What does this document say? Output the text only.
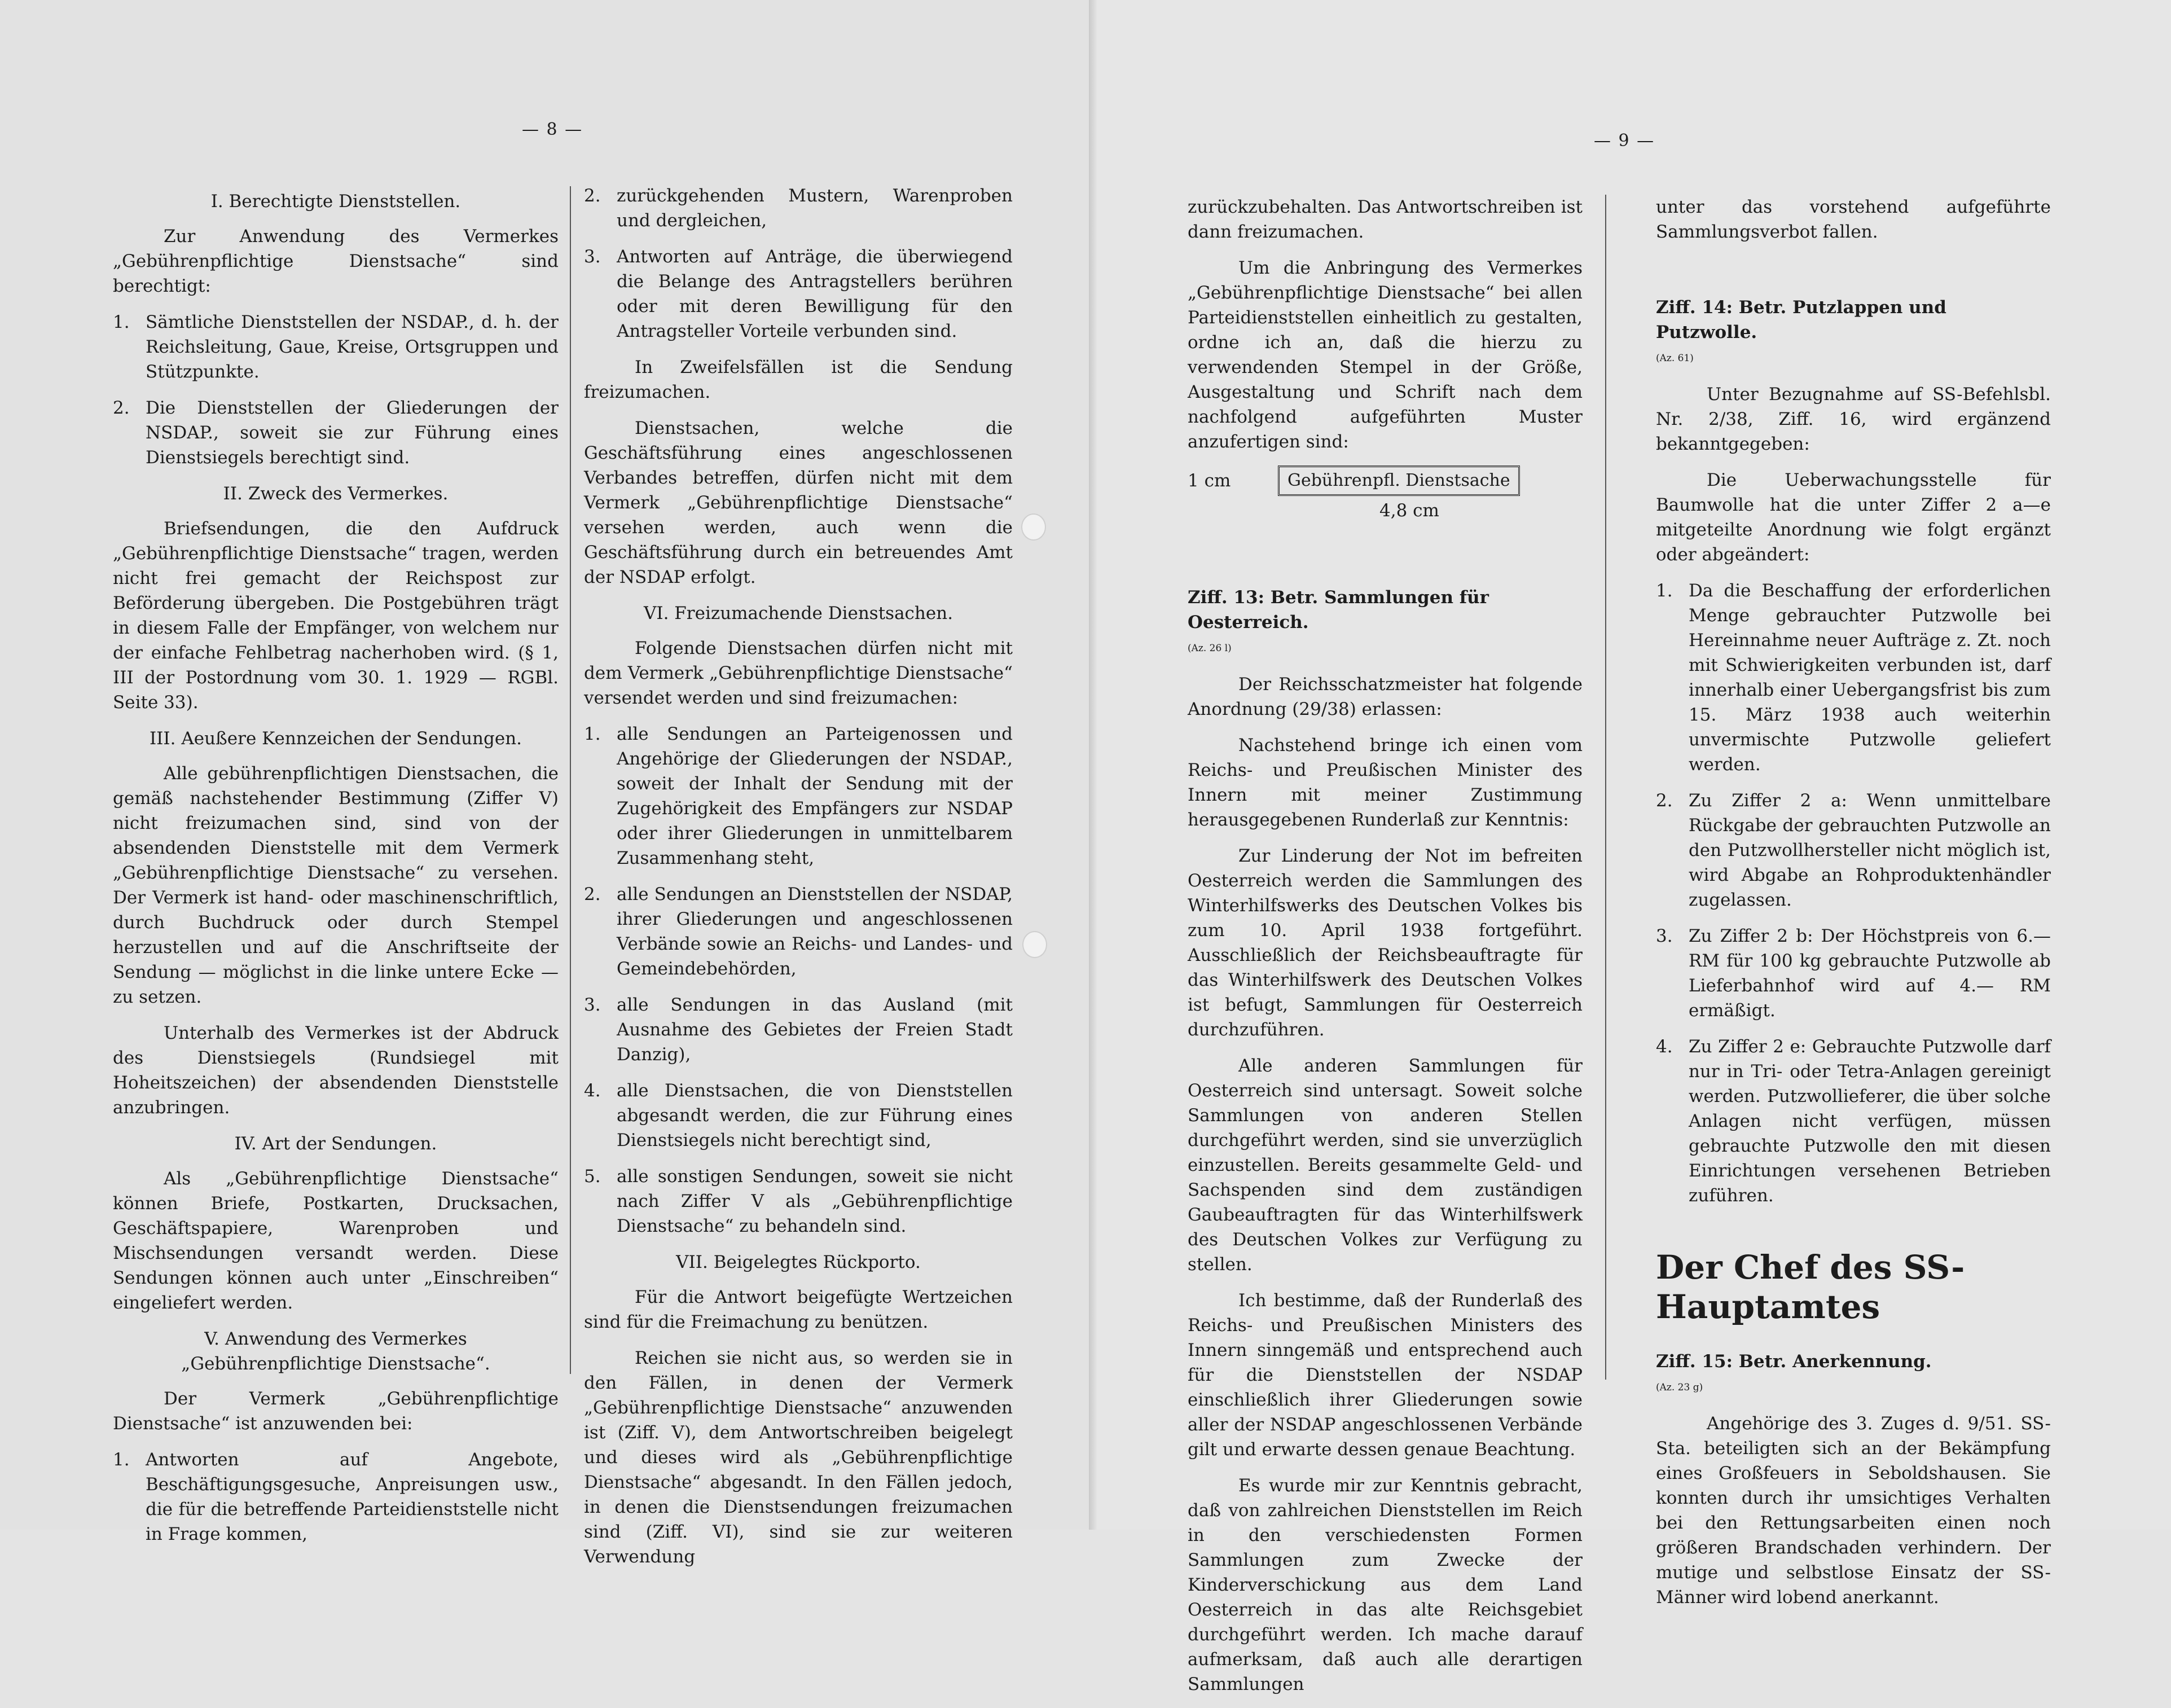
— 8 —
I. Berechtigte Dienststellen.

Zur Anwendung des Vermerkes „Gebührenpflichtige Dienstsache“ sind berechtigt:

1. Sämtliche Dienststellen der NSDAP., d. h. der Reichsleitung, Gaue, Kreise, Ortsgruppen und Stützpunkte.
2. Die Dienststellen der Gliederungen der NSDAP., soweit sie zur Führung eines Dienstsiegels berechtigt sind.
II. Zweck des Vermerkes.

Briefsendungen, die den Aufdruck „Gebührenpflichtige Dienstsache“ tragen, werden nicht frei gemacht der Reichspost zur Beförderung übergeben. Die Postgebühren trägt in diesem Falle der Empfänger, von welchem nur der einfache Fehlbetrag nacherhoben wird. (§ 1, III der Postordnung vom 30. 1. 1929 — RGBl. Seite 33).

III. Aeußere Kennzeichen der Sendungen.

Alle gebührenpflichtigen Dienstsachen, die gemäß nachstehender Bestimmung (Ziffer V) nicht freizumachen sind, sind von der absendenden Dienststelle mit dem Vermerk „Gebührenpflichtige Dienstsache“ zu versehen. Der Vermerk ist hand- oder maschinenschriftlich, durch Buchdruck oder durch Stempel herzustellen und auf die Anschriftseite der Sendung — möglichst in die linke untere Ecke — zu setzen.

Unterhalb des Vermerkes ist der Abdruck des Dienstsiegels (Rundsiegel mit Hoheitszeichen) der absendenden Dienststelle anzubringen.

IV. Art der Sendungen.

Als „Gebührenpflichtige Dienstsache“ können Briefe, Postkarten, Drucksachen, Geschäftspapiere, Warenproben und Mischsendungen versandt werden. Diese Sendungen können auch unter „Einschreiben“ eingeliefert werden.

V. Anwendung des Vermerkes „Gebührenpflichtige Dienstsache“.

Der Vermerk „Gebührenpflichtige Dienstsache“ ist anzuwenden bei:

1. Antworten auf Angebote, Beschäftigungsgesuche, Anpreisungen usw., die für die betreffende Parteidienststelle nicht in Frage kommen,
2. zurückgehenden Mustern, Warenproben und dergleichen,
3. Antworten auf Anträge, die überwiegend die Belange des Antragstellers berühren oder mit deren Bewilligung für den Antragsteller Vorteile verbunden sind.

In Zweifelsfällen ist die Sendung freizumachen.

Dienstsachen, welche die Geschäftsführung eines angeschlossenen Verbandes betreffen, dürfen nicht mit dem Vermerk „Gebührenpflichtige Dienstsache“ versehen werden, auch wenn die Geschäftsführung durch ein betreuendes Amt der NSDAP erfolgt.

VI. Freizumachende Dienstsachen.

Folgende Dienstsachen dürfen nicht mit dem Vermerk „Gebührenpflichtige Dienstsache“ versendet werden und sind freizumachen:

1. alle Sendungen an Parteigenossen und Angehörige der Gliederungen der NSDAP., soweit der Inhalt der Sendung mit der Zugehörigkeit des Empfängers zur NSDAP oder ihrer Gliederungen in unmittelbarem Zusammenhang steht,
2. alle Sendungen an Dienststellen der NSDAP, ihrer Gliederungen und angeschlossenen Verbände sowie an Reichs- und Landes- und Gemeindebehörden,
3. alle Sendungen in das Ausland (mit Ausnahme des Gebietes der Freien Stadt Danzig),
4. alle Dienstsachen, die von Dienststellen abgesandt werden, die zur Führung eines Dienstsiegels nicht berechtigt sind,
5. alle sonstigen Sendungen, soweit sie nicht nach Ziffer V als „Gebührenpflichtige Dienstsache“ zu behandeln sind.
VII. Beigelegtes Rückporto.

Für die Antwort beigefügte Wertzeichen sind für die Freimachung zu benützen.

Reichen sie nicht aus, so werden sie in den Fällen, in denen der Vermerk „Gebührenpflichtige Dienstsache“ anzuwenden ist (Ziff. V), dem Antwortschreiben beigelegt und dieses wird als „Gebührenpflichtige Dienstsache“ abgesandt. In den Fällen jedoch, in denen die Dienstsendungen freizumachen sind (Ziff. VI), sind sie zur weiteren Verwendung

— 9 —

zurückzubehalten. Das Antwortschreiben ist dann freizumachen.

Um die Anbringung des Vermerkes „Gebührenpflichtige Dienstsache“ bei allen Parteidienststellen einheitlich zu gestalten, ordne ich an, daß die hierzu zu verwendenden Stempel in der Größe, Ausgestaltung und Schrift nach dem nachfolgend aufgeführten Muster anzufertigen sind:

1 cm	Gebührenpfl. Dienstsache
4,8 cm
Ziff. 13: Betr. Sammlungen für Oesterreich.
(Az. 26 l)

Der Reichsschatzmeister hat folgende Anordnung (29/38) erlassen:

Nachstehend bringe ich einen vom Reichs- und Preußischen Minister des Innern mit meiner Zustimmung herausgegebenen Runderlaß zur Kenntnis:

Zur Linderung der Not im befreiten Oesterreich werden die Sammlungen des Winterhilfswerks des Deutschen Volkes bis zum 10. April 1938 fortgeführt. Ausschließlich der Reichsbeauftragte für das Winterhilfswerk des Deutschen Volkes ist befugt, Sammlungen für Oesterreich durchzuführen.

Alle anderen Sammlungen für Oesterreich sind untersagt. Soweit solche Sammlungen von anderen Stellen durchgeführt werden, sind sie unverzüglich einzustellen. Bereits gesammelte Geld- und Sachspenden sind dem zuständigen Gaubeauftragten für das Winterhilfswerk des Deutschen Volkes zur Verfügung zu stellen.

Ich bestimme, daß der Runderlaß des Reichs- und Preußischen Ministers des Innern sinngemäß und entsprechend auch für die Dienststellen der NSDAP einschließlich ihrer Gliederungen sowie aller der NSDAP angeschlossenen Verbände gilt und erwarte dessen genaue Beachtung.

Es wurde mir zur Kenntnis gebracht, daß von zahlreichen Dienststellen im Reich in den verschiedensten Formen Sammlungen zum Zwecke der Kinderverschickung aus dem Land Oesterreich in das alte Reichsgebiet durchgeführt werden. Ich mache darauf aufmerksam, daß auch alle derartigen Sammlungen

unter das vorstehend aufgeführte Sammlungsverbot fallen.

Ziff. 14: Betr. Putzlappen und Putzwolle.
(Az. 61)

Unter Bezugnahme auf SS-Befehlsbl. Nr. 2/38, Ziff. 16, wird ergänzend bekanntgegeben:

Die Ueberwachungsstelle für Baumwolle hat die unter Ziffer 2 a—e mitgeteilte Anordnung wie folgt ergänzt oder abgeändert:

1. Da die Beschaffung der erforderlichen Menge gebrauchter Putzwolle bei Hereinnahme neuer Aufträge z. Zt. noch mit Schwierigkeiten verbunden ist, darf innerhalb einer Uebergangsfrist bis zum 15. März 1938 auch weiterhin unvermischte Putzwolle geliefert werden.
2. Zu Ziffer 2 a: Wenn unmittelbare Rückgabe der gebrauchten Putzwolle an den Putzwollhersteller nicht möglich ist, wird Abgabe an Rohproduktenhändler zugelassen.
3. Zu Ziffer 2 b: Der Höchstpreis von 6.— RM für 100 kg gebrauchte Putzwolle ab Lieferbahnhof wird auf 4.— RM ermäßigt.
4. Zu Ziffer 2 e: Gebrauchte Putzwolle darf nur in Tri- oder Tetra-Anlagen gereinigt werden. Putzwollieferer, die über solche Anlagen nicht verfügen, müssen gebrauchte Putzwolle den mit diesen Einrichtungen versehenen Betrieben zuführen.
Der Chef des SS-Hauptamtes
Ziff. 15: Betr. Anerkennung.
(Az. 23 g)

Angehörige des 3. Zuges d. 9/51. SS-Sta. beteiligten sich an der Bekämpfung eines Großfeuers in Seboldshausen. Sie konnten durch ihr umsichtiges Verhalten bei den Rettungsarbeiten einen noch größeren Brandschaden verhindern. Der mutige und selbstlose Einsatz der SS-Männer wird lobend anerkannt.
